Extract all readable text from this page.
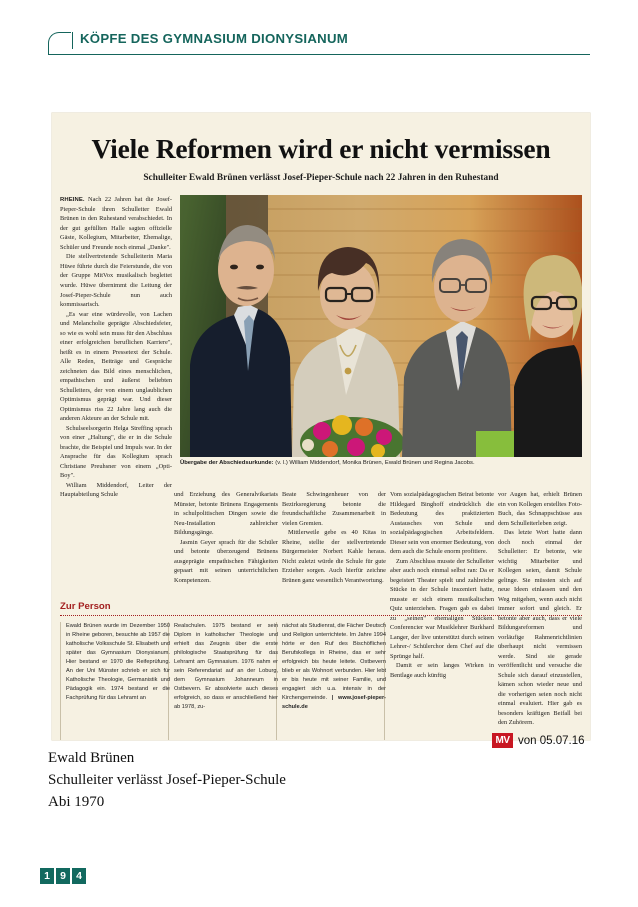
KÖPFE DES GYMNASIUM DIONYSIANUM
Viele Reformen wird er nicht vermissen
Schulleiter Ewald Brünen verlässt Josef-Pieper-Schule nach 22 Jahren in den Ruhestand

RHEINE. Nach 22 Jahren hat die Josef-Pieper-Schule ihren Schulleiter Ewald Brünen in den Ruhestand verabschiedet. In der gut gefüllten Halle sagten offizielle Gäste, Kollegium, Mitarbeiter, Ehemalige, Schüler und Freunde noch einmal „Danke".

Die stellvertretende Schulleiterin Maria Hüwe führte durch die Feierstunde, die von der Gruppe MitVox musikalisch begleitet wurde. Hüwe übernimmt die Leitung der Josef-Pieper-Schule nun auch kommissarisch.

„Es war eine würdevolle, von Lachen und Melancholie geprägte Abschiedsfeier, so wie es wohl sein muss für den Abschluss einer erfolgreichen beruflichen Karriere", heißt es in einem Pressetext der Schule. Alle Reden, Beiträge und Gespräche zeichneten das Bild eines menschlichen, empathischen und äußerst beliebten Schulleiters, der von einem unglaublichen Optimismus geprägt war. Und dieser Optimismus riss 22 Jahre lang auch die anderen Akteure an der Schule mit.

Schulseelsorgerin Helga Streffing sprach von einer „Haltung", die er in die Schule brachte, die Beispiel und Impuls war. In der Ansprache für das Kollegium sprach Christiane Preuhsner von einem „Opti-Boy".

William Middendorf, Leiter der Hauptabteilung Schule

Übergabe der Abschiedsurkunde: (v. l.) William Middendorf, Monika Brünen, Ewald Brünen und Regina Jacobs.

und Erziehung des Generalvikariats Münster, betonte Brünens Engagements in schulpolitischen Dingen sowie die Neu-Installation zahlreicher Bildungsgänge.

Jasmin Geyer sprach für die Schüler und betonte überzeugend Brünens ausgeprägte empathischen Fähigkeiten gepaart mit seinen unterrichtlichen Kompetenzen.

Beate Schwingenheuer von der Bezirksregierung betonte die freundschaftliche Zusammenarbeit in vielen Gremien.

Mittlerweile gebe es 40 Kitas in Rheine, stellte der stellvertretende Bürgermeister Norbert Kahle heraus. Nicht zuletzt würde die Schule für gute Erzieher sorgen. Auch hierfür zeichne Brünen ganz wesentlich Verantwortung.

Vom sozialpädagogischen Beirat betonte Hildegard Binghoff eindrücklich die Bedeutung des praktizierten Austausches von Schule und sozialpädagogischen Arbeitsfeldern. Dieser sein von enormer Bedeutung, von dem auch die Schule enorm profitiere.

Zum Abschluss musste der Schulleiter aber auch noch einmal selbst ran: Da er begeistert Theater spielt und zahlreiche Stücke in der Schule inszeniert hatte, musste er sich einem musikalischen Quiz unterziehen. Fragen gab es dabei zu „seinen" ehemaligen Stücken. Conferencier war Musiklehrer Burkhard Langer, der live unterstützt durch seinen Lehrer-/ Schülerchor dem Chef auf die Sprünge half.

Damit er sein langes Wirken in Bentlage auch künftig

vor Augen hat, erhielt Brünen ein von Kollegen erstelltes Foto-Buch, das Schnappschüsse aus dem Schulleiterleben zeigt.

Das letzte Wort hatte dann doch noch einmal der Schulleiter: Er betonte, wie wichtig Mitarbeiter und Kollegen seien, damit Schule gelinge. Sie müssten sich auf neue Ideen einlassen und den Weg mitgehen, wenn auch nicht immer sofort und gleich. Er betonte aber auch, dass er viele Bildungsreformen und vorläufige Rahmenrichtlinien überhaupt nicht vermissen werde. Sind sie gerade veröffentlicht und versuche die Schule sich darauf einzustellen, kämen schon wieder neue und die vorherigen seien noch nicht einmal evaluiert. Hier gab es besonders kräftigen Beifall bei den Zuhörern.

Zur Person
Ewald Brünen wurde im Dezember 1950 in Rheine geboren, besuchte ab 1957 die katholische Volksschule St. Elisabeth und später das Gymnasium Dionysianum. Hier bestand er 1970 die Reifeprüfung. An der Uni Münster schrieb er sich für Katholische Theologie, Germanistik und Pädagogik ein. 1974 bestand er die Fachprüfung für das Lehramt an
Realschulen. 1975 bestand er sein Diplom in katholischer Theologie und erhielt das Zeugnis über die erste philologische Staatsprüfung für das Lehramt am Gymnasium. 1976 nahm er sein Referendariat auf an der Loburg, dem Gymnasium Johanneum in Ostbevern. Er absolvierte auch dieses erfolgreich, so dass er anschließend hier ab 1978, zu-
nächst als Studienrat, die Fächer Deutsch und Religion unterrichtete. Im Jahre 1994 hörte er den Ruf des Bischöflichen Berufskollegs in Rheine, das er sehr erfolgreich bis heute leitete. Ostbevern blieb er als Wohnort verbunden. Hier lebt er bis heute mit seiner Familie, und engagiert sich u.a. intensiv in der Kirchengemeinde. | www.josef-pieper-schule.de
Ewald Brünen
Schulleiter verlässt Josef-Pieper-Schule
Abi 1970
MV von 05.07.16
1 9 4
